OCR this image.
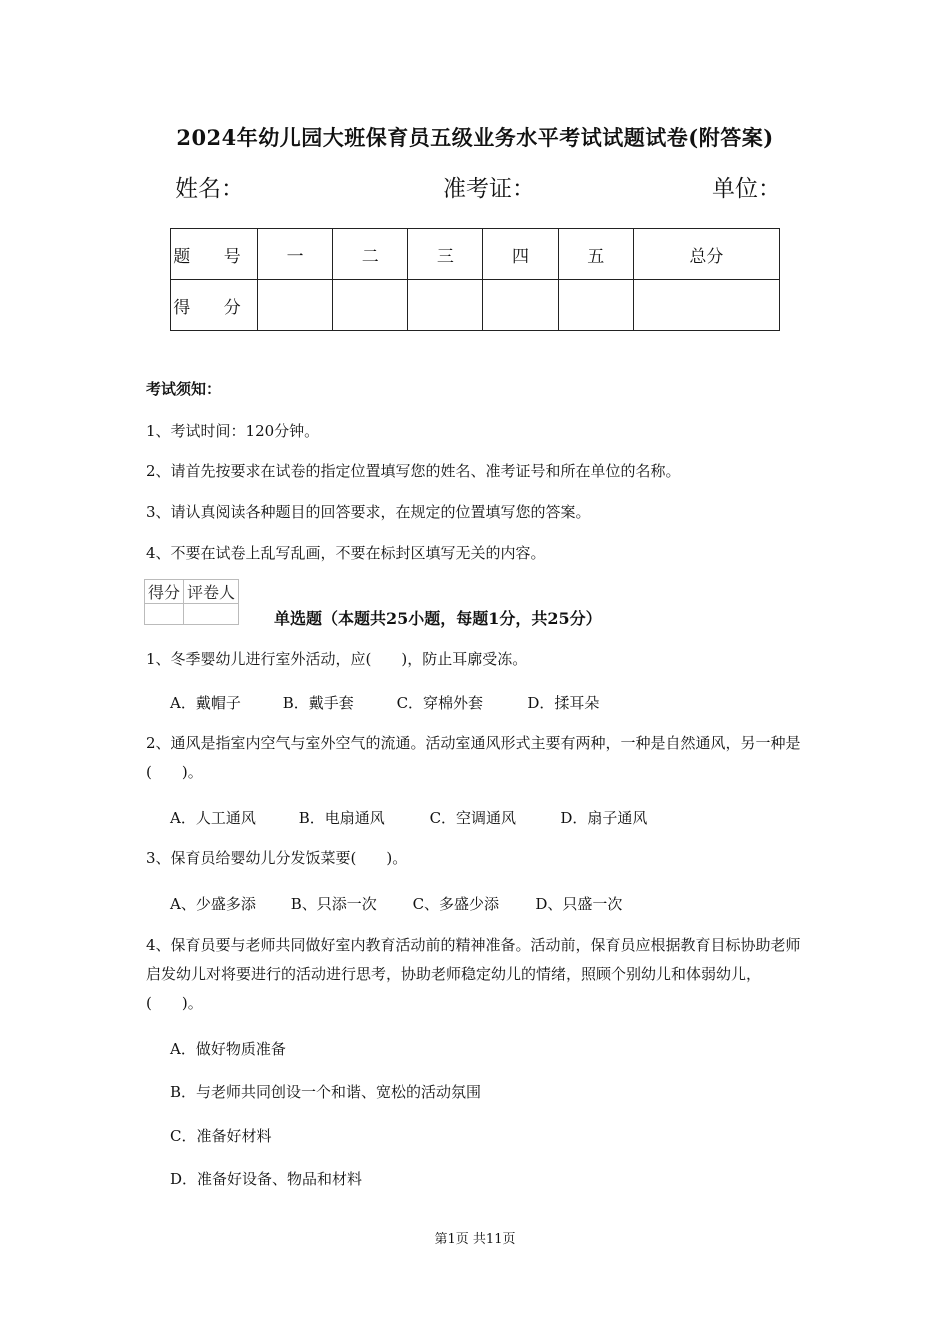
2024年幼儿园大班保育员五级业务水平考试试题试卷(附答案)
姓名：	准考证：	单位：
题 号	一	二	三	四	五	总分
得 分						
考试须知：
1、考试时间：120分钟。
2、请首先按要求在试卷的指定位置填写您的姓名、准考证号和所在单位的名称。
3、请认真阅读各种题目的回答要求，在规定的位置填写您的答案。
4、不要在试卷上乱写乱画，不要在标封区填写无关的内容。
得分	评卷人

单选题（本题共25小题，每题1分，共25分）
1、冬季婴幼儿进行室外活动，应(　　)，防止耳廓受冻。
A．戴帽子	B．戴手套	C．穿棉外套	D．揉耳朵
2、通风是指室内空气与室外空气的流通。活动室通风形式主要有两种，一种是自然通风，另一种是(　　)。
A．人工通风	B．电扇通风	C．空调通风	D．扇子通风
3、保育员给婴幼儿分发饭菜要(　　)。
A、少盛多添 B、只添一次 C、多盛少添 D、只盛一次
4、保育员要与老师共同做好室内教育活动前的精神准备。活动前，保育员应根据教育目标协助老师启发幼儿对将要进行的活动进行思考，协助老师稳定幼儿的情绪，照顾个别幼儿和体弱幼儿，(　　)。
A．做好物质准备
B．与老师共同创设一个和谐、宽松的活动氛围
C．准备好材料
D．准备好设备、物品和材料
第1页 共11页
